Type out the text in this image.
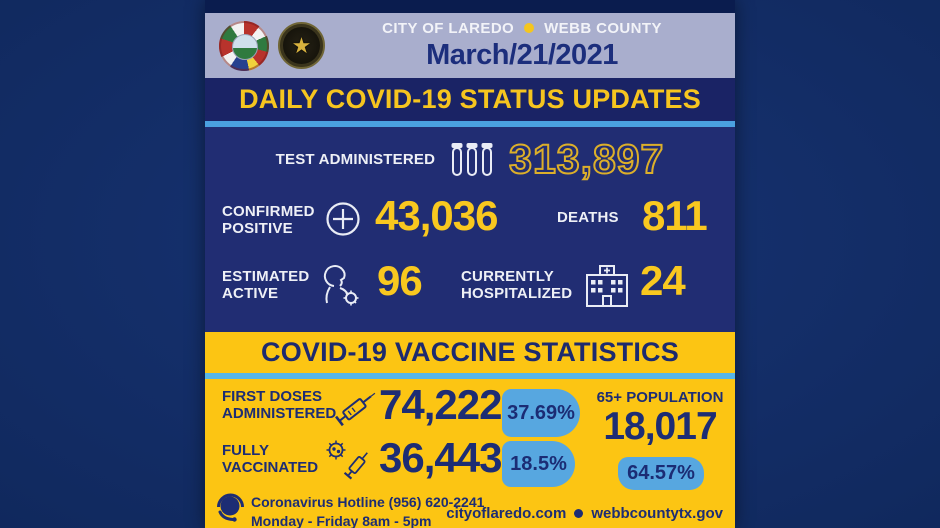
★
CITY OF LAREDO WEBB COUNTY
March/21/2021
DAILY COVID-19 STATUS UPDATES
TEST ADMINISTERED 313,897
CONFIRMED
POSITIVE	43,036	DEATHS 811
ESTIMATED
ACTIVE	96	CURRENTLY
HOSPITALIZED 24
COVID-19 VACCINE STATISTICS
FIRST DOSES
ADMINISTERED 74,222 37.69%
FULLY
VACCINATED 36,443 18.5%
65+ POPULATION
18,017
64.57%
Coronavirus Hotline (956) 620-2241
Monday - Friday 8am - 5pm cityoflaredo.com webbcountytx.gov
